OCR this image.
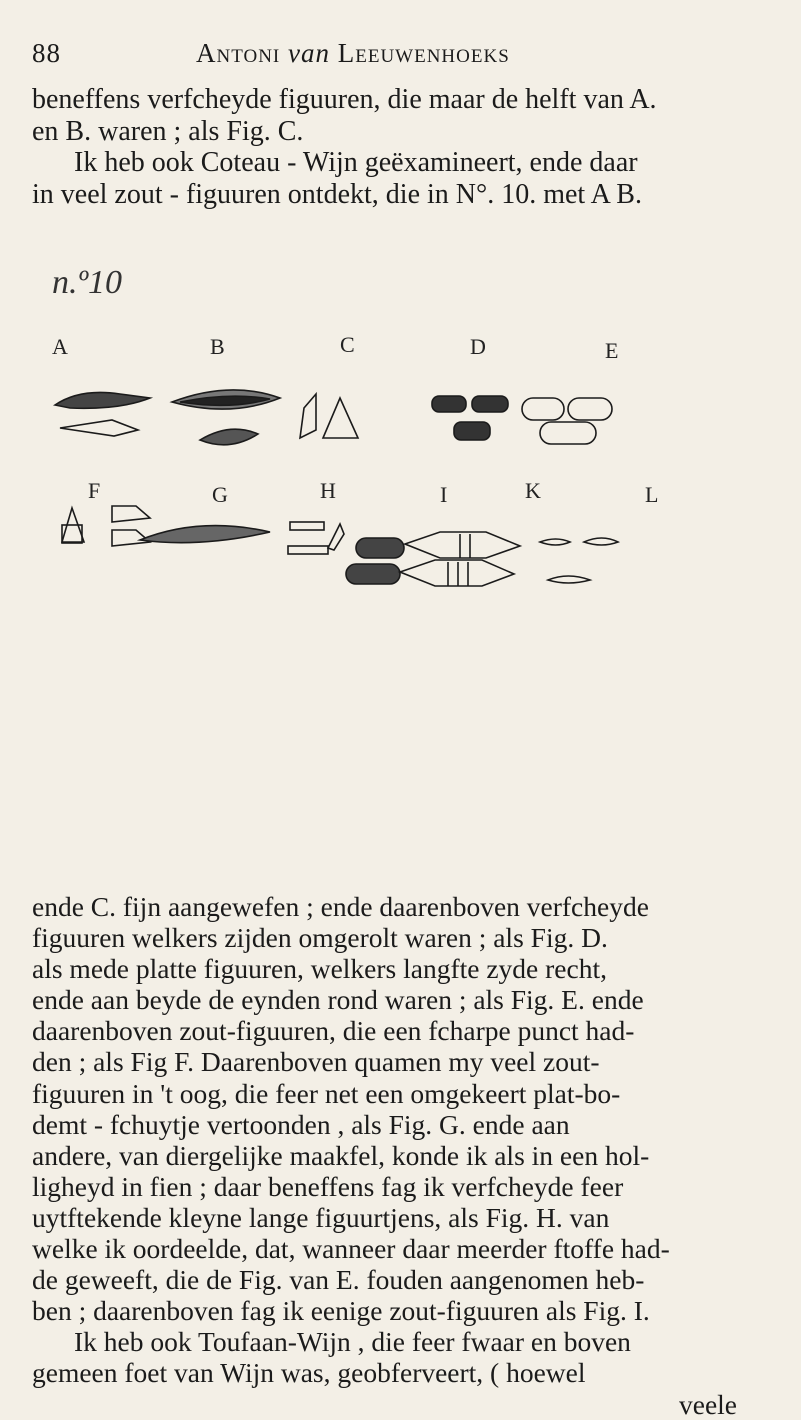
88	Antoni van Leeuwenhoeks
beneffens verfcheyde figuuren, die maar de helft van A.
en B. waren ; als Fig. C.
Ik heb ook Coteau - Wijn geëxamineert, ende daar
in veel zout - figuuren ontdekt, die in N°. 10. met A B.
n.º10
A	B	C	D	E
F	G	H	I	K	L
ende C. fijn aangewefen ; ende daarenboven verfcheyde
figuuren welkers zijden omgerolt waren ; als Fig. D.
als mede platte figuuren, welkers langfte zyde recht,
ende aan beyde de eynden rond waren ; als Fig. E. ende
daarenboven zout-figuuren, die een fcharpe punct had-
den ; als Fig F. Daarenboven quamen my veel zout-
figuuren in 't oog, die feer net een omgekeert plat-bo-
demt - fchuytje vertoonden , als Fig. G. ende aan
andere, van diergelijke maakfel, konde ik als in een hol-
ligheyd in fien ; daar beneffens fag ik verfcheyde feer
uytftekende kleyne lange figuurtjens, als Fig. H. van
welke ik oordeelde, dat, wanneer daar meerder ftoffe had-
de geweeft, die de Fig. van E. fouden aangenomen heb-
ben ; daarenboven fag ik eenige zout-figuuren als Fig. I.
Ik heb ook Toufaan-Wijn , die feer fwaar en boven
gemeen foet van Wijn was, geobferveert, ( hoewel
veele
